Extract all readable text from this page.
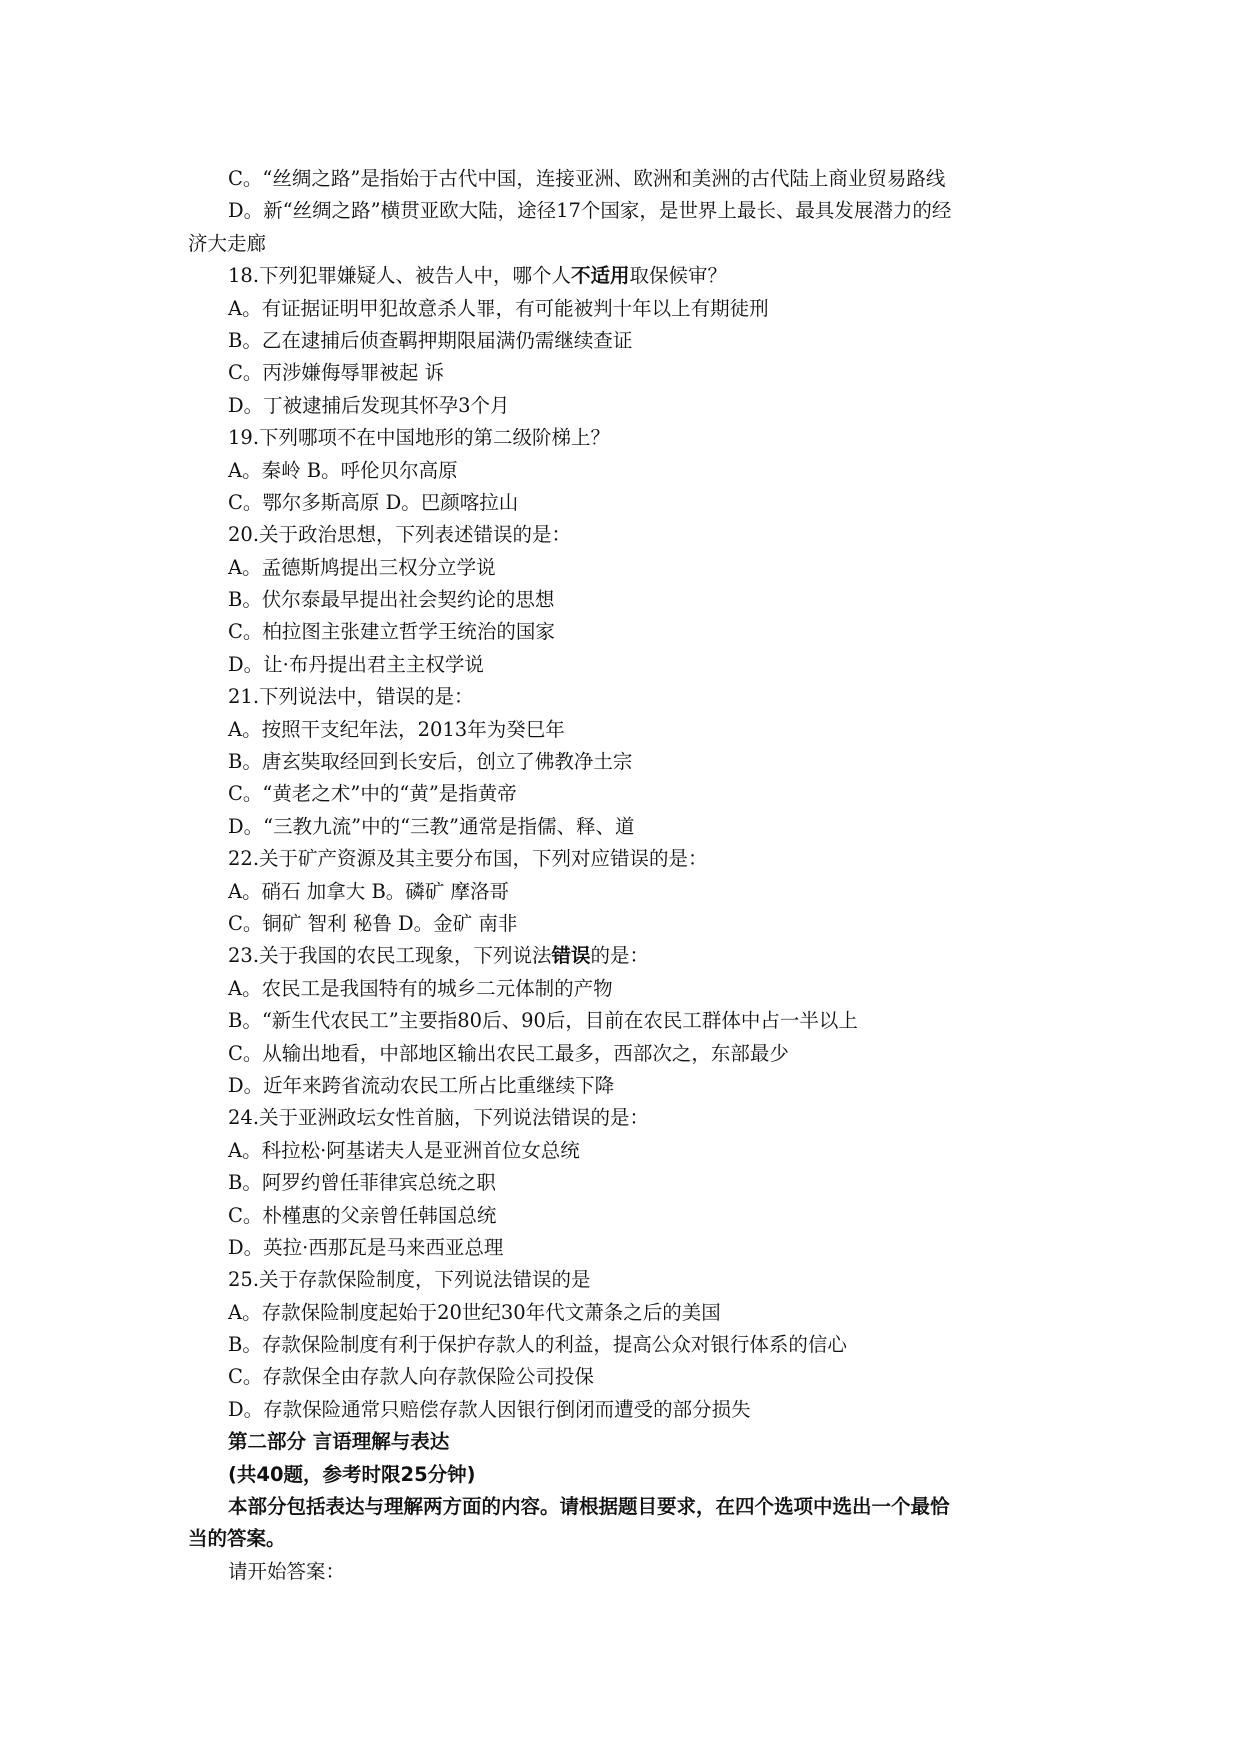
C。“丝绸之路”是指始于古代中国，连接亚洲、欧洲和美洲的古代陆上商业贸易路线
D。新“丝绸之路”横贯亚欧大陆，途径17个国家，是世界上最长、最具发展潜力的经
济大走廊
18.下列犯罪嫌疑人、被告人中，哪个人不适用取保候审？
A。有证据证明甲犯故意杀人罪，有可能被判十年以上有期徒刑
B。乙在逮捕后侦查羁押期限届满仍需继续查证
C。丙涉嫌侮辱罪被起 诉
D。丁被逮捕后发现其怀孕3个月
19.下列哪项不在中国地形的第二级阶梯上？
A。秦岭 B。呼伦贝尔高原
C。鄂尔多斯高原 D。巴颜喀拉山
20.关于政治思想，下列表述错误的是：
A。孟德斯鸠提出三权分立学说
B。伏尔泰最早提出社会契约论的思想
C。柏拉图主张建立哲学王统治的国家
D。让·布丹提出君主主权学说
21.下列说法中，错误的是：
A。按照干支纪年法，2013年为癸巳年
B。唐玄奘取经回到长安后，创立了佛教净土宗
C。“黄老之术”中的“黄”是指黄帝
D。“三教九流”中的“三教”通常是指儒、释、道
22.关于矿产资源及其主要分布国，下列对应错误的是：
A。硝石 加拿大 B。磷矿 摩洛哥
C。铜矿 智利 秘鲁 D。金矿 南非
23.关于我国的农民工现象，下列说法错误的是：
A。农民工是我国特有的城乡二元体制的产物
B。“新生代农民工”主要指80后、90后，目前在农民工群体中占一半以上
C。从输出地看，中部地区输出农民工最多，西部次之，东部最少
D。近年来跨省流动农民工所占比重继续下降
24.关于亚洲政坛女性首脑，下列说法错误的是：
A。科拉松·阿基诺夫人是亚洲首位女总统
B。阿罗约曾任菲律宾总统之职
C。朴槿惠的父亲曾任韩国总统
D。英拉·西那瓦是马来西亚总理
25.关于存款保险制度，下列说法错误的是
A。存款保险制度起始于20世纪30年代文萧条之后的美国
B。存款保险制度有利于保护存款人的利益，提高公众对银行体系的信心
C。存款保全由存款人向存款保险公司投保
D。存款保险通常只赔偿存款人因银行倒闭而遭受的部分损失
第二部分 言语理解与表达
(共40题，参考时限25分钟)
本部分包括表达与理解两方面的内容。请根据题目要求，在四个选项中选出一个最恰
当的答案。
请开始答案：
